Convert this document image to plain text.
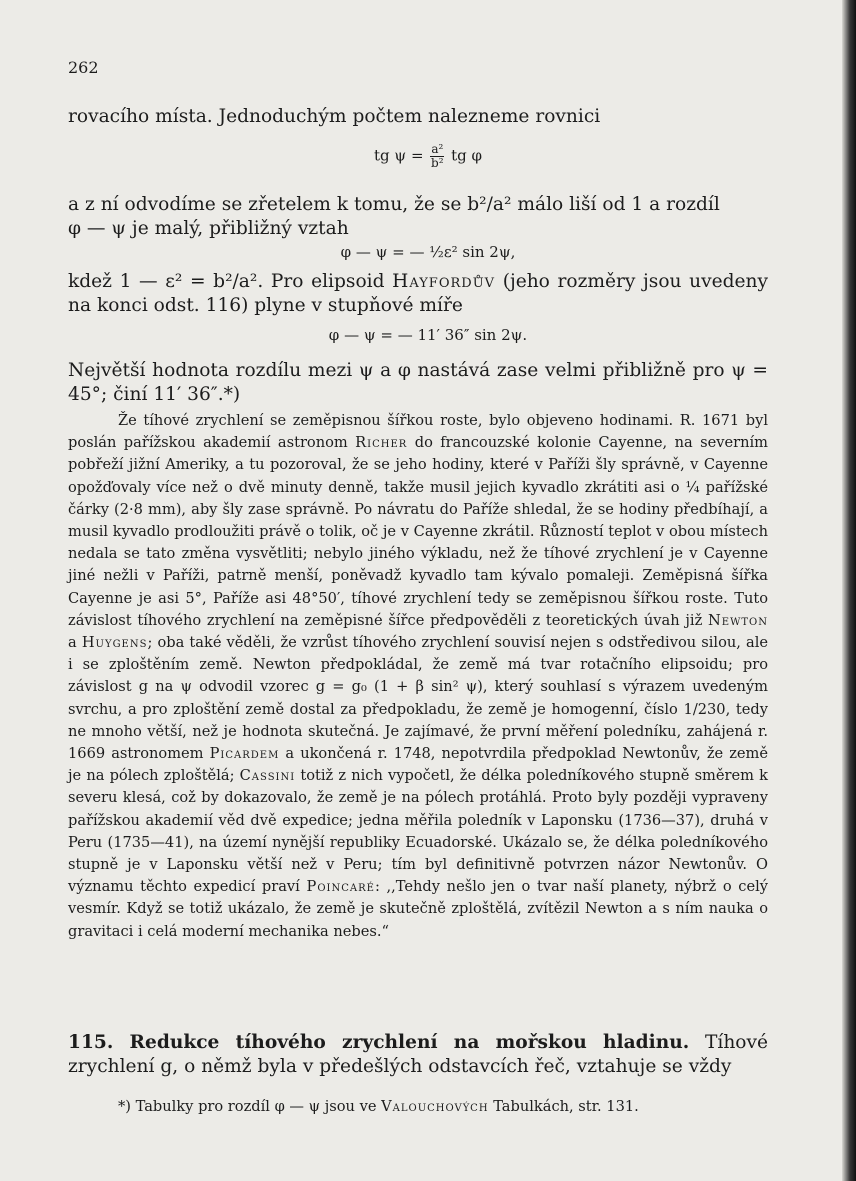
262

rovacího místa. Jednoduchým počtem nalezneme rovnici

tg $\psi = \frac{\text{a²}}{\text{b²}}$ tg φ

a z ní odvodíme se zřetelem k tomu, že se b²/a² málo liší od 1 a rozdíl
φ — ψ je malý, přibližný vztah

φ — ψ = — ½ε² sin 2ψ,

kdež 1 — ε² = b²/a². Pro elipsoid Hayfordův (jeho rozměry jsou uvedeny na konci odst. 116) plyne v stupňové míře

φ — ψ = — 11′ 36″ sin 2ψ.

Největší hodnota rozdílu mezi ψ a φ nastává zase velmi přibližně pro ψ = 45°; činí 11′ 36″.*)

Že tíhové zrychlení se zeměpisnou šířkou roste, bylo objeveno hodinami. R. 1671 byl poslán pařížskou akademií astronom Richer do francouzské kolonie Cayenne, na severním pobřeží jižní Ameriky, a tu pozoroval, že se jeho hodiny, které v Paříži šly správně, v Cayenne opožďovaly více než o dvě minuty denně, takže musil jejich kyvadlo zkrátiti asi o ¼ pařížské čárky (2·8 mm), aby šly zase správně. Po návratu do Paříže shledal, že se hodiny předbíhají, a musil kyvadlo prodloužiti právě o tolik, oč je v Cayenne zkrátil. Růzností teplot v obou místech nedala se tato změna vysvětliti; nebylo jiného výkladu, než že tíhové zrychlení je v Cayenne jiné nežli v Paříži, patrně menší, poněvadž kyvadlo tam kývalo pomaleji. Zeměpisná šířka Cayenne je asi 5°, Paříže asi 48°50′, tíhové zrychlení tedy se zeměpisnou šířkou roste. Tuto závislost tíhového zrychlení na zeměpisné šířce předpověděli z teoretických úvah již Newton a Huygens; oba také věděli, že vzrůst tíhového zrychlení souvisí nejen s odstředivou silou, ale i se zploštěním země. Newton předpokládal, že země má tvar rotačního elipsoidu; pro závislost g na ψ odvodil vzorec g = g₀ (1 + β sin² ψ), který souhlasí s výrazem uvedeným svrchu, a pro zploštění země dostal za předpokladu, že země je homogenní, číslo 1/230, tedy ne mnoho větší, než je hodnota skutečná. Je zajímavé, že první měření poledníku, zahájená r. 1669 astronomem Picardem a ukončená r. 1748, nepotvrdila předpoklad Newtonův, že země je na pólech zploštělá; Cassini totiž z nich vypočetl, že délka poledníkového stupně směrem k severu klesá, což by dokazovalo, že země je na pólech protáhlá. Proto byly později vypraveny pařížskou akademií věd dvě expedice; jedna měřila poledník v Laponsku (1736—37), druhá v Peru (1735—41), na území nynější republiky Ecuadorské. Ukázalo se, že délka poledníkového stupně je v Laponsku větší než v Peru; tím byl definitivně potvrzen názor Newtonův. O významu těchto expedicí praví Poincaré: ,,Tehdy nešlo jen o tvar naší planety, nýbrž o celý vesmír. Když se totiž ukázalo, že země je skutečně zploštělá, zvítězil Newton a s ním nauka o gravitaci i celá moderní mechanika nebes.“

115. Redukce tíhového zrychlení na mořskou hladinu. Tíhové zrychlení g, o němž byla v předešlých odstavcích řeč, vztahuje se vždy

*) Tabulky pro rozdíl φ — ψ jsou ve Valouchových Tabulkách, str. 131.
